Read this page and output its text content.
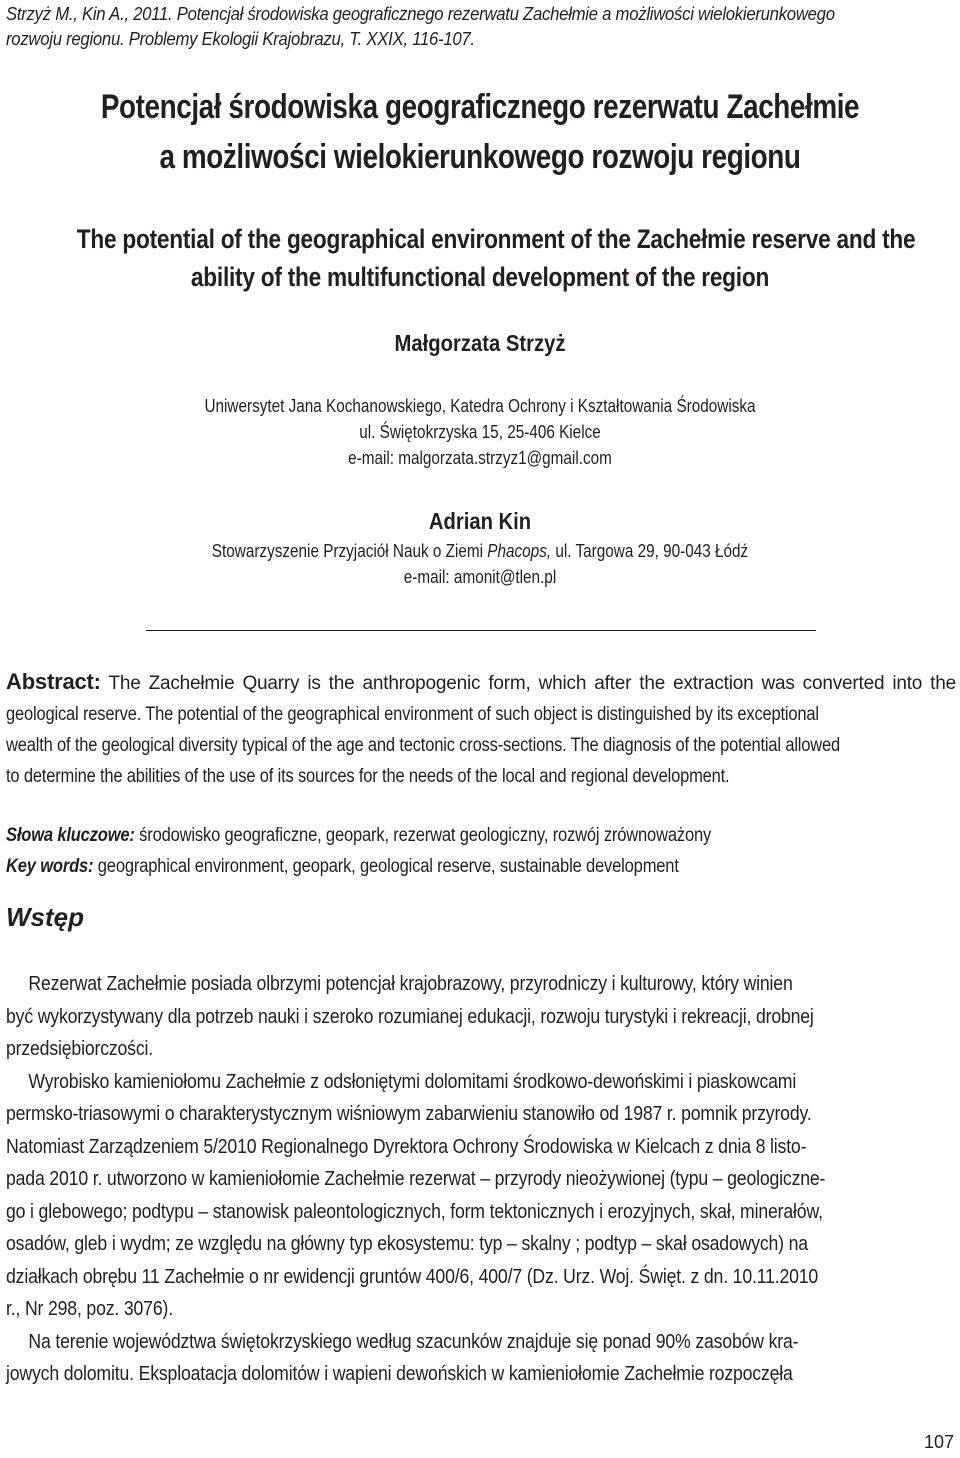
Strzyż M., Kin A., 2011. Potencjał środowiska geograficznego rezerwatu Zachełmie a możliwości wielokierunkowego
rozwoju regionu. Problemy Ekologii Krajobrazu, T. XXIX, 116-107.
Potencjał środowiska geograficznego rezerwatu Zachełmie
a możliwości wielokierunkowego rozwoju regionu
The potential of the geographical environment of the Zachełmie reserve and the
ability of the multifunctional development of the region
Małgorzata Strzyż
Uniwersytet Jana Kochanowskiego, Katedra Ochrony i Kształtowania Środowiska
ul. Świętokrzyska 15, 25-406 Kielce
e-mail: malgorzata.strzyz1@gmail.com
Adrian Kin
Stowarzyszenie Przyjaciół Nauk o Ziemi Phacops, ul. Targowa 29, 90-043 Łódź
e-mail: amonit@tlen.pl
Abstract: The Zachełmie Quarry is the anthropogenic form, which after the extraction was converted into the
geological reserve. The potential of the geographical environment of such object is distinguished by its exceptional
wealth of the geological diversity typical of the age and tectonic cross-sections. The diagnosis of the potential allowed
to determine the abilities of the use of its sources for the needs of the local and regional development.
Słowa kluczowe: środowisko geograficzne, geopark, rezerwat geologiczny, rozwój zrównoważony
Key words: geographical environment, geopark, geological reserve, sustainable development
Wstęp
Rezerwat Zachełmie posiada olbrzymi potencjał krajobrazowy, przyrodniczy i kulturowy, który winien
być wykorzystywany dla potrzeb nauki i szeroko rozumianej edukacji, rozwoju turystyki i rekreacji, drobnej
przedsiębiorczości.
Wyrobisko kamieniołomu Zachełmie z odsłoniętymi dolomitami środkowo-dewońskimi i piaskowcami
permsko-triasowymi o charakterystycznym wiśniowym zabarwieniu stanowiło od 1987 r. pomnik przyrody.
Natomiast Zarządzeniem 5/2010 Regionalnego Dyrektora Ochrony Środowiska w Kielcach z dnia 8 listo-
pada 2010 r. utworzono w kamieniołomie Zachełmie rezerwat – przyrody nieożywionej (typu – geologiczne-
go i glebowego; podtypu – stanowisk paleontologicznych, form tektonicznych i erozyjnych, skał, minerałów,
osadów, gleb i wydm; ze względu na główny typ ekosystemu: typ – skalny ; podtyp – skał osadowych) na
działkach obrębu 11 Zachełmie o nr ewidencji gruntów 400/6, 400/7 (Dz. Urz. Woj. Święt. z dn. 10.11.2010
r., Nr 298, poz. 3076).
Na terenie województwa świętokrzyskiego według szacunków znajduje się ponad 90% zasobów kra-
jowych dolomitu. Eksploatacja dolomitów i wapieni dewońskich w kamieniołomie Zachełmie rozpoczęła
107
